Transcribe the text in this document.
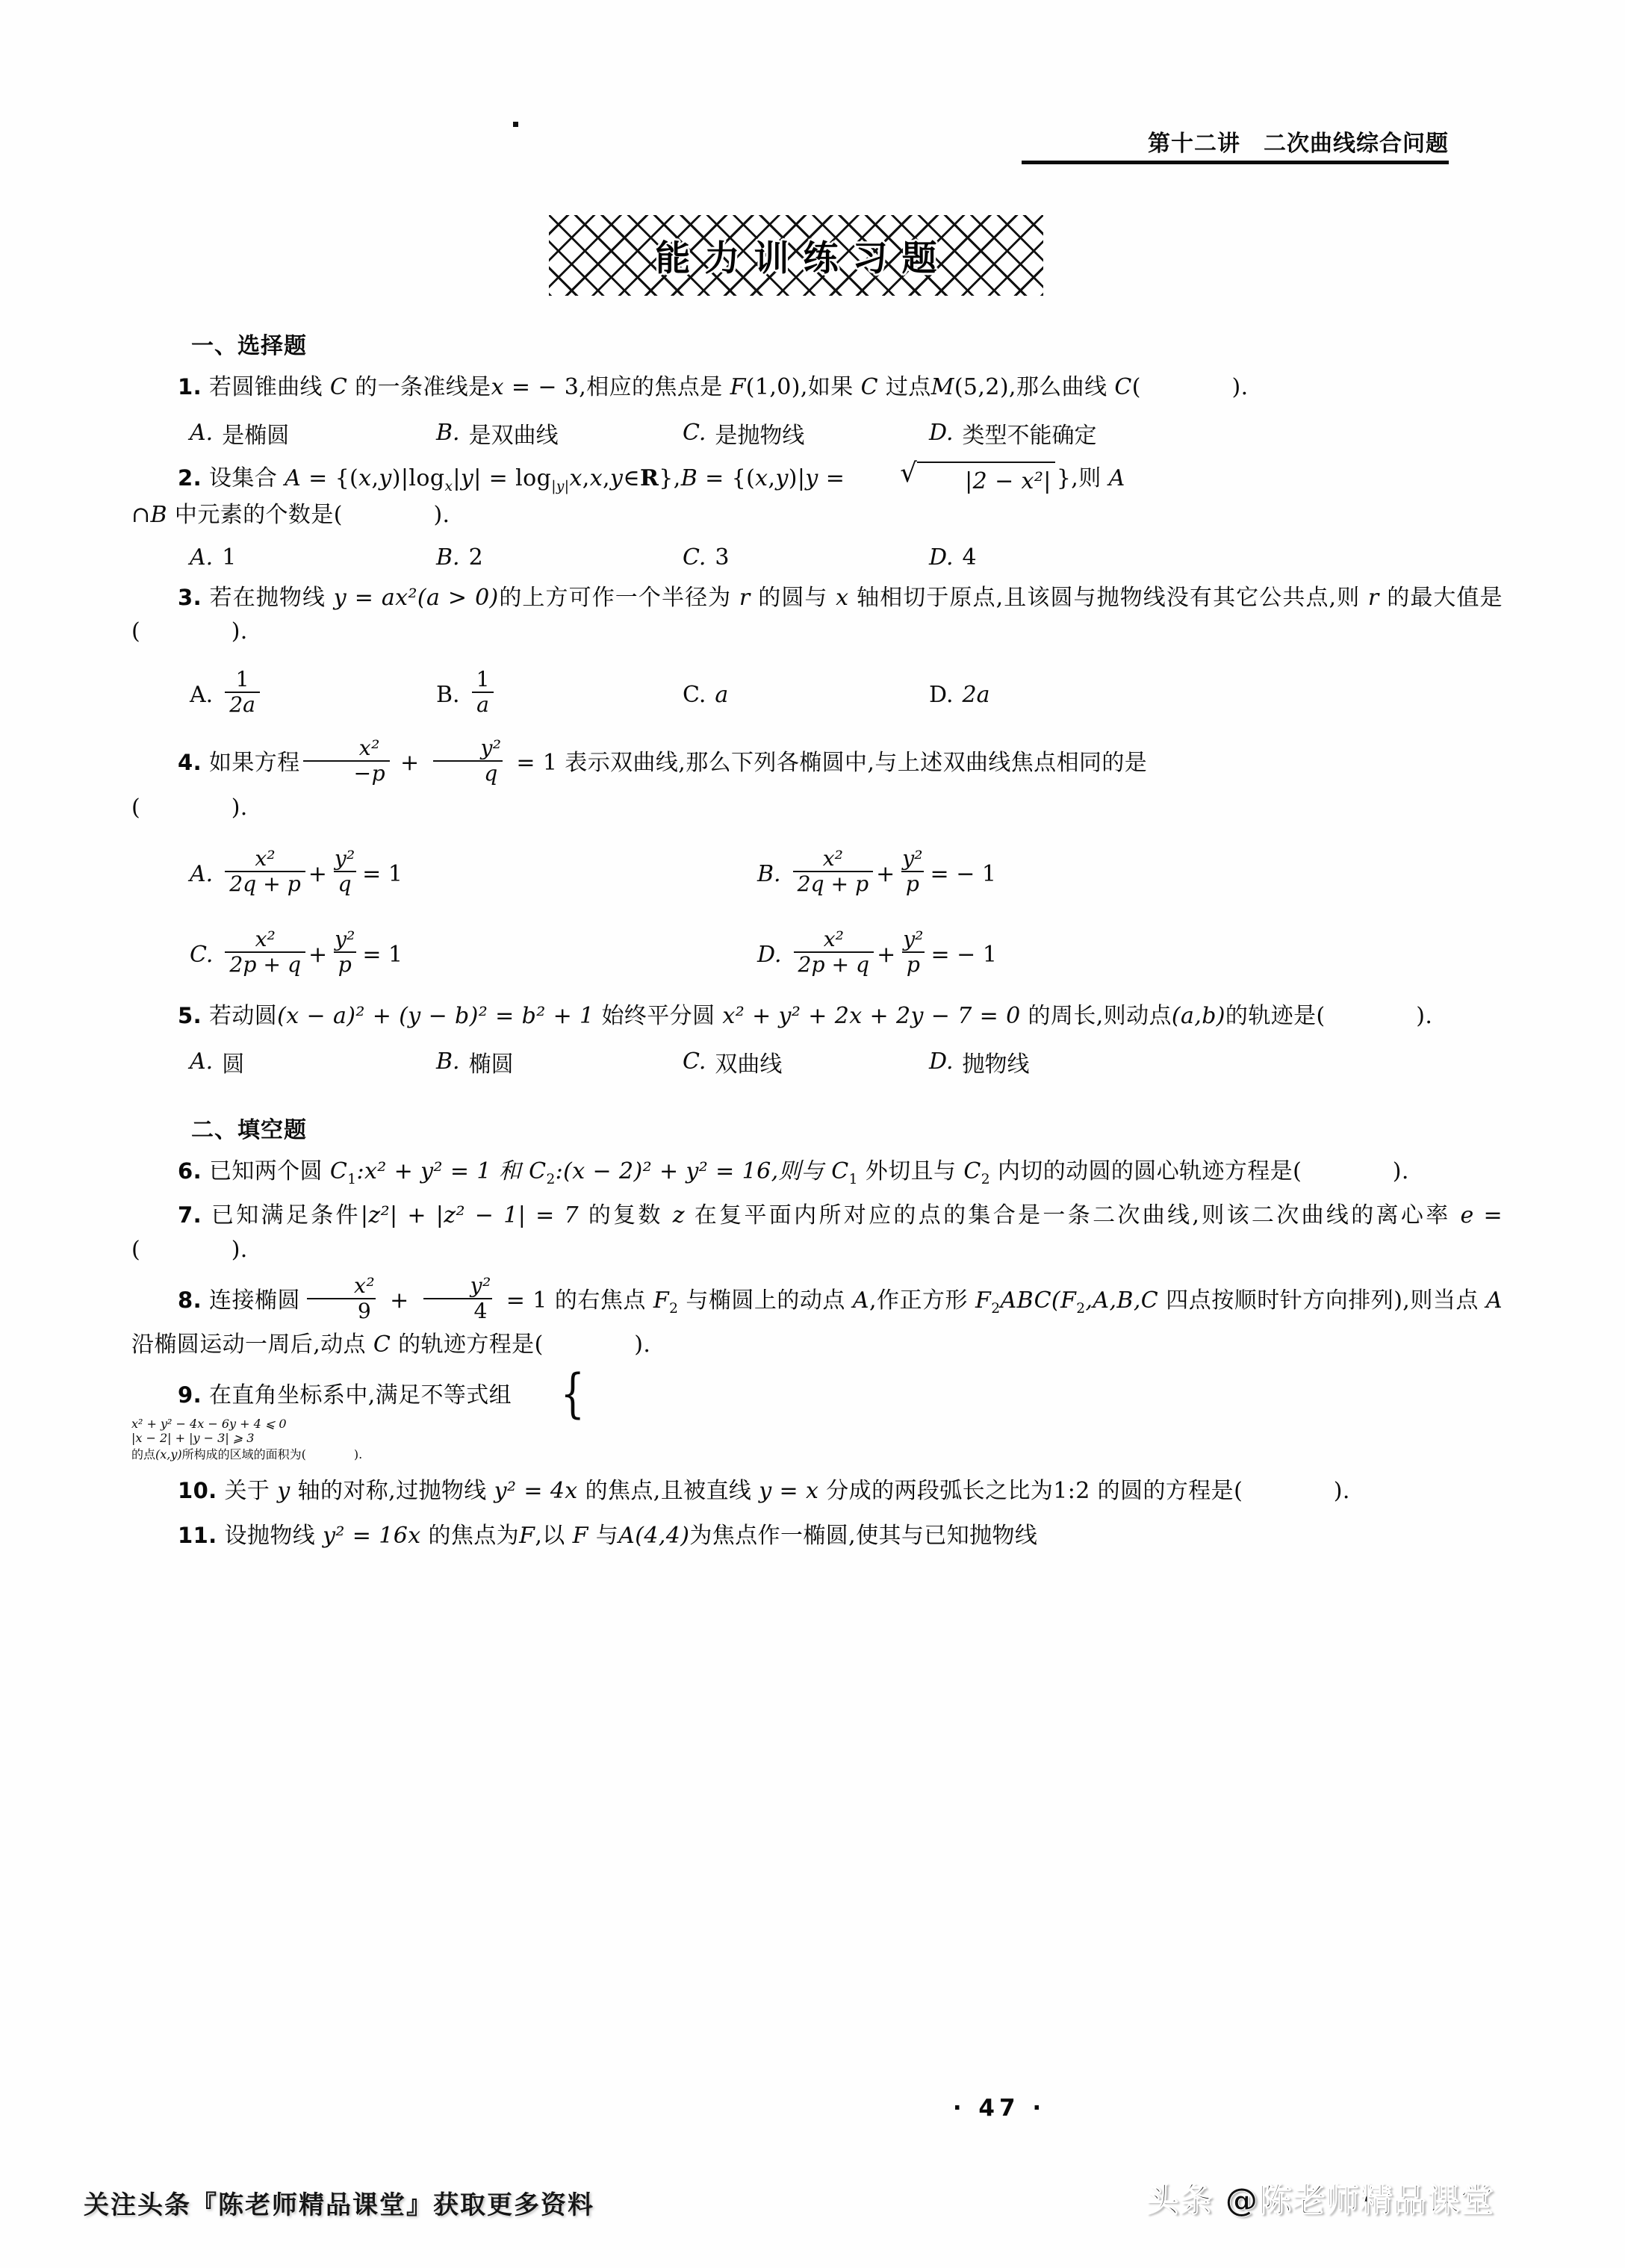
第十二讲　二次曲线综合问题
能力训练习题
一、选择题

1. 若圆锥曲线 C 的一条准线是x = − 3,相应的焦点是 F(1,0),如果 C 过点M(5,2),那么曲线 C(　　　　).

A. 是椭圆	B. 是双曲线	C. 是抛物线	D. 类型不能确定

2. 设集合 $A = \{(x,y)|\log_x|y|$ = $\log_{|y|}x,x,y\in R\},B = \{(x,y)|y$ =	√	|2 − x²| },则 A
∩B 中元素的个数是(　　　　).

A. 1	B. 2	C. 3	D. 4

3. 若在抛物线 y = ax²(a > 0)的上方可作一个半径为 r 的圆与 x 轴相切于原点,且该圆与抛物线没有其它公共点,则 r 的最大值是(　　　　).

A. $\frac{1}{2a}$	B. $\frac{1}{a}$	C. a	D. 2a

4. 如果方程 $\frac{\text{x²}}{-p} + \frac{\text{y²}}{q} = 1$ 表示双曲线,那么下列各椭圆中,与上述双曲线焦点相同的是
(　　　　).

A. $\frac{\text{x²}}{2q + p} + \frac{\text{y²}}{q} = 1$	B. $\frac{\text{x²}}{2q + p} + \frac{\text{y²}}{p}$ = − 1
C. $\frac{\text{x²}}{2p + q} + \frac{\text{y²}}{p} = 1$	D. $\frac{\text{x²}}{2p + q} + \frac{\text{y²}}{p}$ = − 1

5. 若动圆(x − a)² + (y − b)² = b² + 1 始终平分圆 x² + y² + 2x + 2y − 7 = 0 的周长,则动点(a,b)的轨迹是(　　　　).

A. 圆	B. 椭圆	C. 双曲线	D. 抛物线
二、填空题

6. 已知两个圆 $C_1:x^2 + y^2 = 1$ 和 $C_2:(x - 2)^2 + y^2 = 16$,则与 $C_1$ 外切且与 $C_2$ 内切的动圆的圆心轨迹方程是(　　　　).

7. 已知满足条件|z²| + |z² − 1| = 7 的复数 z 在复平面内所对应的点的集合是一条二次曲线,则该二次曲线的离心率 e = (　　　　).

8. 连接椭圆 $\frac{\text{x²}}{9} + \frac{\text{y²}}{4} = 1$ 的右焦点 $F_2$ 与椭圆上的动点 A,作正方形 $F_2ABC(F_2,A,B,C$ 四点按顺时针方向排列),则当点 A 沿椭圆运动一周后,动点 C 的轨迹方程是(　　　　).

9. 在直角坐标系中,满足不等式组 {

x² + y² − 4x − 6y + 4 ⩽ 0
|x − 2| + |y − 3| ⩾ 3
的点(x,y)所构成的区域的面积为(　　　　).

10. 关于 y 轴的对称,过抛物线 y² = 4x 的焦点,且被直线 y = x 分成的两段弧长之比为1:2 的圆的方程是(　　　　).

11. 设抛物线 y² = 16x 的焦点为F,以 F 与A(4,4)为焦点作一椭圆,使其与已知抛物线

· 47 ·
关注头条『陈老师精品课堂』获取更多资料	头条 @陈老师精品课堂
